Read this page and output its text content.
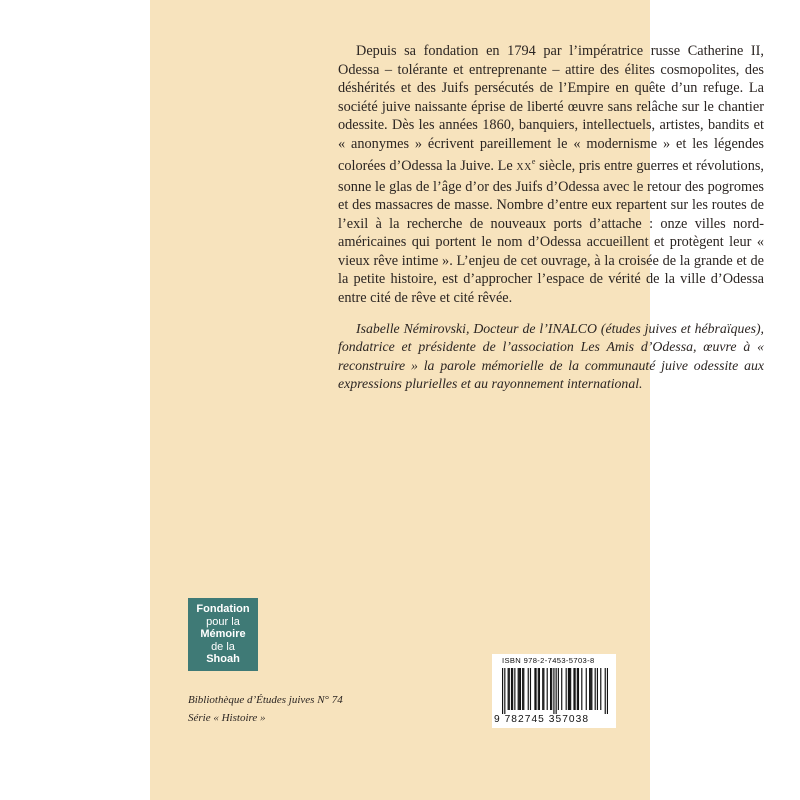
Depuis sa fondation en 1794 par l’impératrice russe Catherine II, Odessa – tolérante et entreprenante – attire des élites cosmopolites, des déshérités et des Juifs persécutés de l’Empire en quête d’un refuge. La société juive naissante éprise de liberté œuvre sans relâche sur le chantier odessite. Dès les années 1860, banquiers, intellectuels, artistes, bandits et « anonymes » écrivent pareillement le « modernisme » et les légendes colorées d’Odessa la Juive. Le XXe siècle, pris entre guerres et révolutions, sonne le glas de l’âge d’or des Juifs d’Odessa avec le retour des pogromes et des massacres de masse. Nombre d’entre eux repartent sur les routes de l’exil à la recherche de nouveaux ports d’attache : onze villes nord-américaines qui portent le nom d’Odessa accueillent et protègent leur « vieux rêve intime ». L’enjeu de cet ouvrage, à la croisée de la grande et de la petite histoire, est d’approcher l’espace de vérité de la ville d’Odessa entre cité de rêve et cité rêvée.

Isabelle Némirovski, Docteur de l’INALCO (études juives et hébraïques), fondatrice et présidente de l’association Les Amis d’Odessa, œuvre à « reconstruire » la parole mémorielle de la communauté juive odessite aux expressions plurielles et au rayonnement international.

Fondation
pour la
Mémoire
de la
Shoah
Bibliothèque d’Études juives N° 74
Série « Histoire »
ISBN 978-2-7453-5703-8
9 782745 357038
